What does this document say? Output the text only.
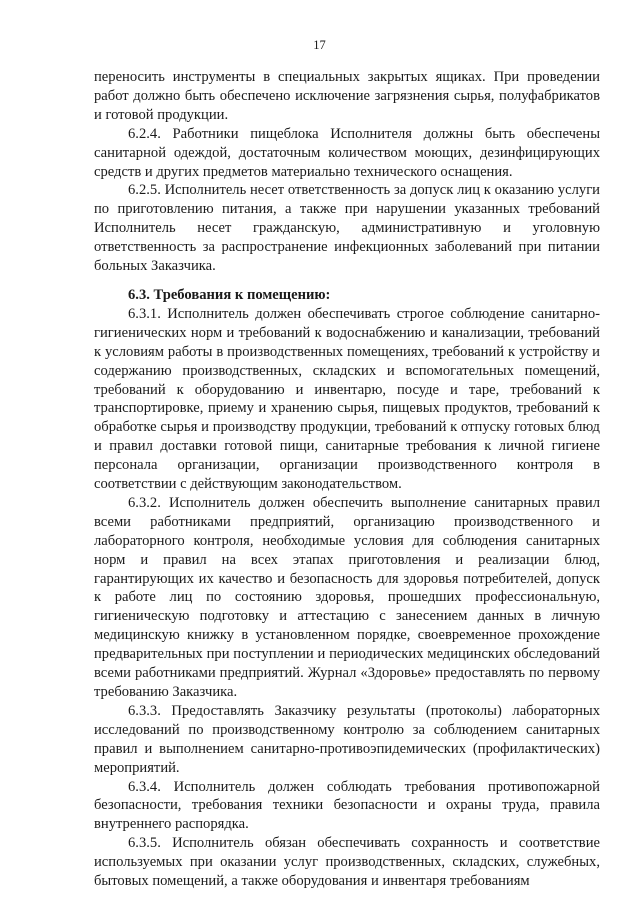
17

переносить инструменты в специальных закрытых ящиках. При проведении работ должно быть обеспечено исключение загрязнения сырья, полуфабрикатов и готовой продукции.

6.2.4. Работники пищеблока Исполнителя должны быть обеспечены санитарной одеждой, достаточным количеством моющих, дезинфицирующих средств и других предметов материально технического оснащения.

6.2.5. Исполнитель несет ответственность за допуск лиц к оказанию услуги по приготовлению питания, а также при нарушении указанных требований Исполнитель несет гражданскую, административную и уголовную ответственность за распространение инфекционных заболеваний при питании больных Заказчика.

6.3. Требования к помещению:

6.3.1. Исполнитель должен обеспечивать строгое соблюдение санитарно-гигиенических норм и требований к водоснабжению и канализации, требований к условиям работы в производственных помещениях, требований к устройству и содержанию производственных, складских и вспомогательных помещений, требований к оборудованию и инвентарю, посуде и таре, требований к транспортировке, приему и хранению сырья, пищевых продуктов, требований к обработке сырья и производству продукции, требований к отпуску готовых блюд и правил доставки готовой пищи, санитарные требования к личной гигиене персонала организации, организации производственного контроля в соответствии с действующим законодательством.

6.3.2. Исполнитель должен обеспечить выполнение санитарных правил всеми работниками предприятий, организацию производственного и лабораторного контроля, необходимые условия для соблюдения санитарных норм и правил на всех этапах приготовления и реализации блюд, гарантирующих их качество и безопасность для здоровья потребителей, допуск к работе лиц по состоянию здоровья, прошедших профессиональную, гигиеническую подготовку и аттестацию с занесением данных в личную медицинскую книжку в установленном порядке, своевременное прохождение предварительных при поступлении и периодических медицинских обследований всеми работниками предприятий. Журнал «Здоровье» предоставлять по первому требованию Заказчика.

6.3.3. Предоставлять Заказчику результаты (протоколы) лабораторных исследований по производственному контролю за соблюдением санитарных правил и выполнением санитарно-противоэпидемических (профилактических) мероприятий.

6.3.4. Исполнитель должен соблюдать требования противопожарной безопасности, требования техники безопасности и охраны труда, правила внутреннего распорядка.

6.3.5. Исполнитель обязан обеспечивать сохранность и соответствие используемых при оказании услуг производственных, складских, служебных, бытовых помещений, а также оборудования и инвентаря требованиям
